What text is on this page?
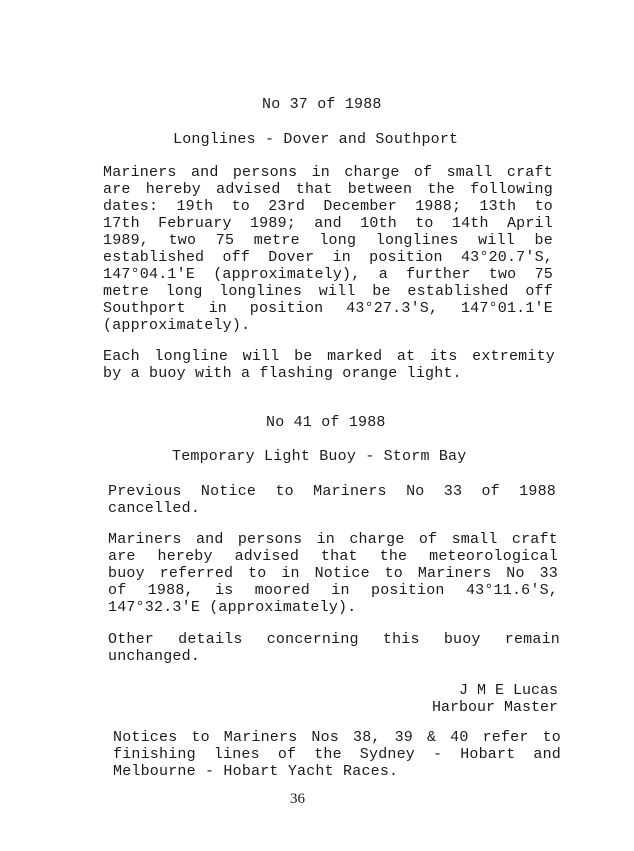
No 37 of 1988
Longlines - Dover and Southport
Mariners and persons in charge of small craft
are hereby advised that between the following
dates: 19th to 23rd December 1988; 13th to
17th February 1989; and 10th to 14th April
1989, two 75 metre long longlines will be
established off Dover in position 43°20.7'S,
147°04.1'E (approximately), a further two 75
metre long longlines will be established off
Southport in position 43°27.3'S, 147°01.1'E
(approximately).
Each longline will be marked at its extremity
by a buoy with a flashing orange light.
No 41 of 1988
Temporary Light Buoy - Storm Bay
Previous Notice to Mariners No 33 of 1988
cancelled.
Mariners and persons in charge of small craft
are hereby advised that the meteorological
buoy referred to in Notice to Mariners No 33
of 1988, is moored in position 43°11.6'S,
147°32.3'E (approximately).
Other details concerning this buoy remain
unchanged.
J M E Lucas
Harbour Master
Notices to Mariners Nos 38, 39 & 40 refer to
finishing lines of the Sydney - Hobart and
Melbourne - Hobart Yacht Races.
36
